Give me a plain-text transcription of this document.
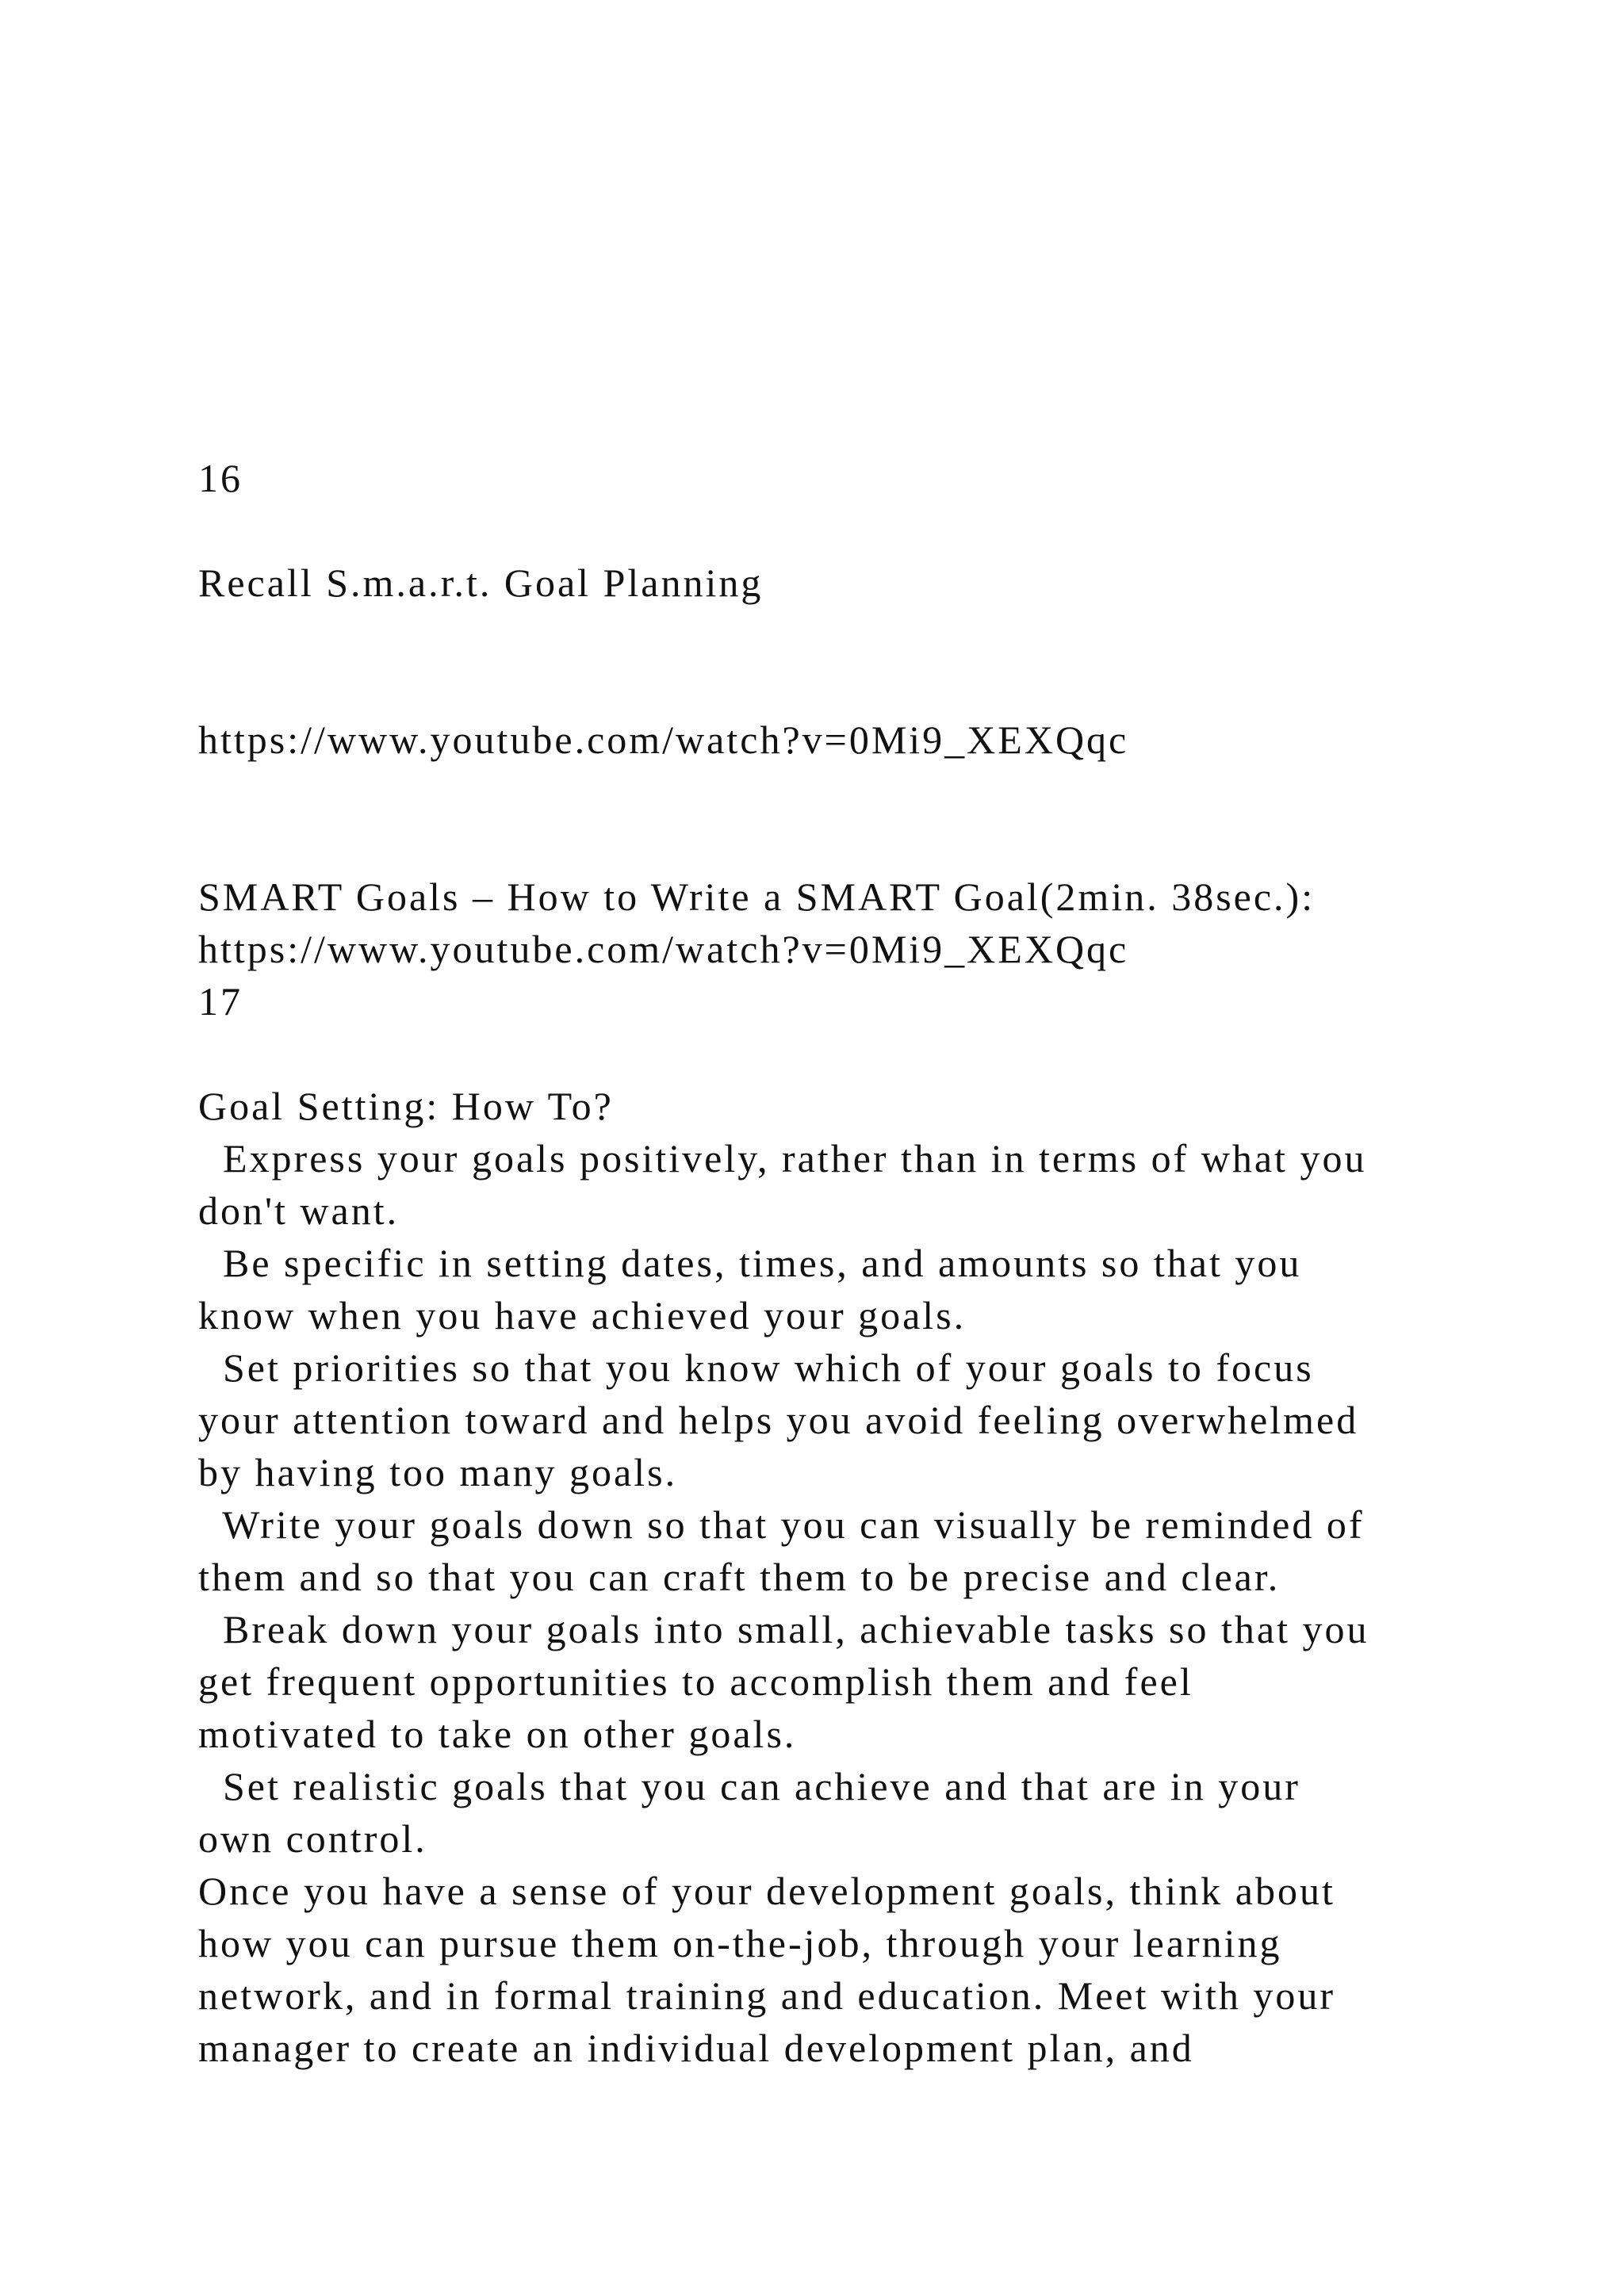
16
Recall S.m.a.r.t. Goal Planning
https://www.youtube.com/watch?v=0Mi9_XEXQqc
SMART Goals – How to Write a SMART Goal(2min. 38sec.):
https://www.youtube.com/watch?v=0Mi9_XEXQqc
17
Goal Setting: How To?
Express your goals positively, rather than in terms of what you
don't want.
Be specific in setting dates, times, and amounts so that you
know when you have achieved your goals.
Set priorities so that you know which of your goals to focus
your attention toward and helps you avoid feeling overwhelmed
by having too many goals.
Write your goals down so that you can visually be reminded of
them and so that you can craft them to be precise and clear.
Break down your goals into small, achievable tasks so that you
get frequent opportunities to accomplish them and feel
motivated to take on other goals.
Set realistic goals that you can achieve and that are in your
own control.
Once you have a sense of your development goals, think about
how you can pursue them on-the-job, through your learning
network, and in formal training and education. Meet with your
manager to create an individual development plan, and
